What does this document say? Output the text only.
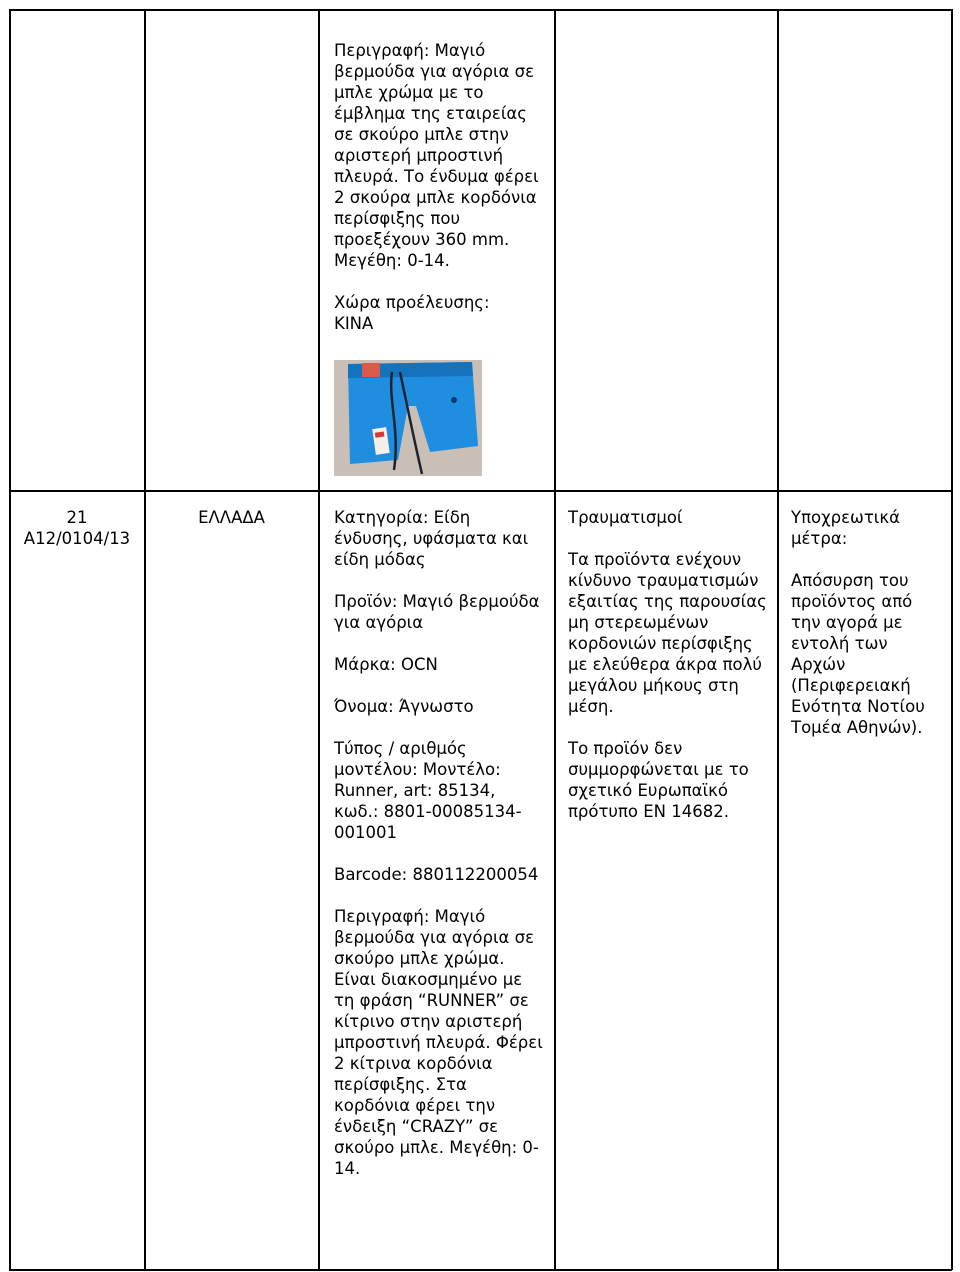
Περιγραφή: Μαγιό βερμούδα για αγόρια σε μπλε χρώμα με το έμβλημα της εταιρείας σε σκούρο μπλε στην αριστερή μπροστινή πλευρά. Το ένδυμα φέρει 2 σκούρα μπλε κορδόνια περίσφιξης που προεξέχουν 360 mm. Μεγέθη: 0-14.

Χώρα προέλευσης:
ΚΙΝΑ
21
A12/0104/13
ΕΛΛΑΔΑ	Κατηγορία: Είδη ένδυσης, υφάσματα και είδη μόδας

Προϊόν: Μαγιό βερμούδα για αγόρια

Μάρκα: OCN

Όνομα: Άγνωστο

Τύπος / αριθμός μοντέλου: Μοντέλο: Runner, art: 85134, κωδ.: 8801-00085134-001001

Barcode: 880112200054

Περιγραφή: Μαγιό βερμούδα για αγόρια σε σκούρο μπλε χρώμα. Είναι διακοσμημένο με τη φράση “RUNNER” σε κίτρινο στην αριστερή μπροστινή πλευρά. Φέρει 2 κίτρινα κορδόνια περίσφιξης. Στα κορδόνια φέρει την ένδειξη “CRAZY” σε σκούρο μπλε. Μεγέθη: 0-14.

Τραυματισμοί

Τα προϊόντα ενέχουν κίνδυνο τραυματισμών εξαιτίας της παρουσίας μη στερεωμένων κορδονιών περίσφιξης με ελεύθερα άκρα πολύ μεγάλου μήκους στη μέση.

Το προϊόν δεν συμμορφώνεται με το σχετικό Ευρωπαϊκό πρότυπο ΕΝ 14682.

Υποχρεωτικά μέτρα:

Απόσυρση του προϊόντος από την αγορά με εντολή των Αρχών (Περιφερειακή Ενότητα Νοτίου Τομέα Αθηνών).
